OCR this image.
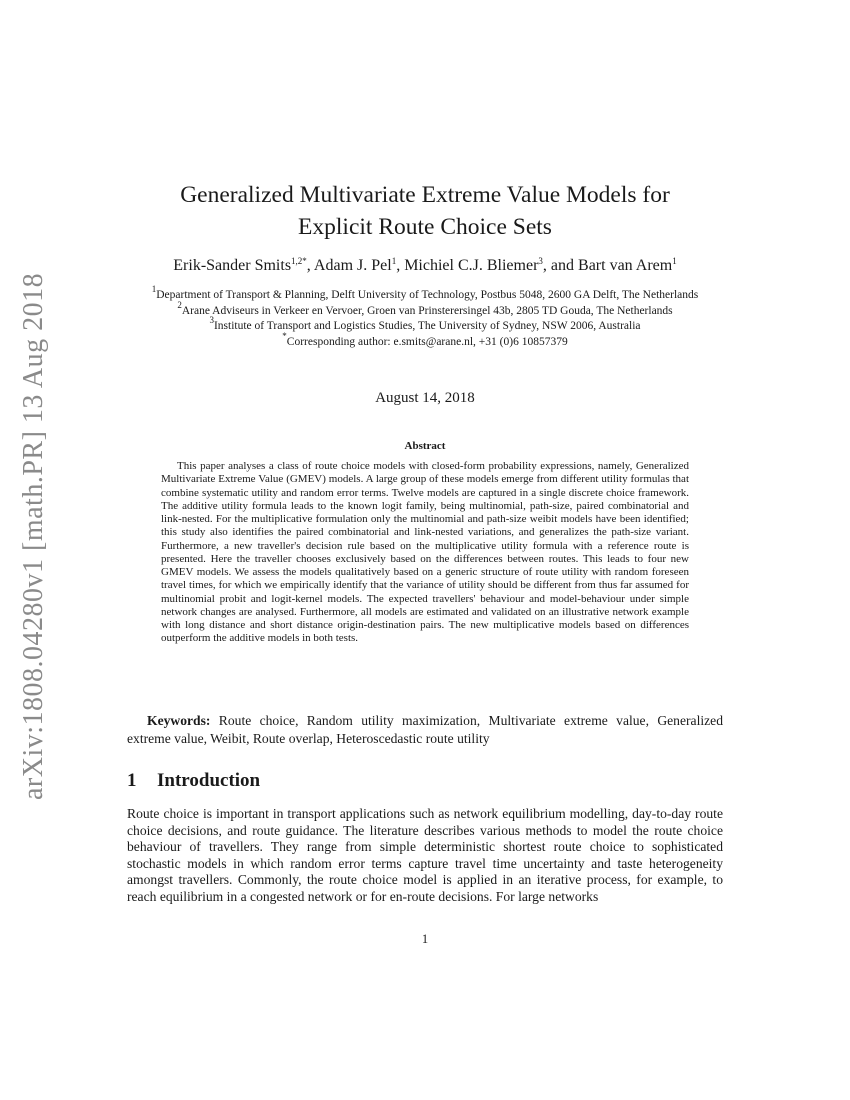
arXiv:1808.04280v1 [math.PR] 13 Aug 2018
Generalized Multivariate Extreme Value Models for
Explicit Route Choice Sets
Erik-Sander Smits$^{1,2*}$, Adam J. Pel$^1$, Michiel C.J. Bliemer$^3$, and Bart van Arem$^1$
$^1$Department of Transport & Planning, Delft University of Technology, Postbus 5048, 2600 GA Delft, The Netherlands
$^2$Arane Adviseurs in Verkeer en Vervoer, Groen van Prinsterersingel 43b, 2805 TD Gouda, The Netherlands
$^3$Institute of Transport and Logistics Studies, The University of Sydney, NSW 2006, Australia
*Corresponding author: e.smits@arane.nl, +31 (0)6 10857379
August 14, 2018
Abstract

This paper analyses a class of route choice models with closed-form probability expressions, namely, Generalized Multivariate Extreme Value (GMEV) models. A large group of these models emerge from different utility formulas that combine systematic utility and random error terms. Twelve models are captured in a single discrete choice framework. The additive utility formula leads to the known logit family, being multinomial, path-size, paired combinatorial and link-nested. For the multiplicative formulation only the multinomial and path-size weibit models have been identified; this study also identifies the paired combinatorial and link-nested variations, and generalizes the path-size variant. Furthermore, a new traveller's decision rule based on the multiplicative utility formula with a reference route is presented. Here the traveller chooses exclusively based on the differences between routes. This leads to four new GMEV models. We assess the models qualitatively based on a generic structure of route utility with random foreseen travel times, for which we empirically identify that the variance of utility should be different from thus far assumed for multinomial probit and logit-kernel models. The expected travellers' behaviour and model-behaviour under simple network changes are analysed. Furthermore, all models are estimated and validated on an illustrative network example with long distance and short distance origin-destination pairs. The new multiplicative models based on differences outperform the additive models in both tests.

Keywords: Route choice, Random utility maximization, Multivariate extreme value, Generalized extreme value, Weibit, Route overlap, Heteroscedastic route utility

1 Introduction

Route choice is important in transport applications such as network equilibrium modelling, day-to-day route choice decisions, and route guidance. The literature describes various methods to model the route choice behaviour of travellers. They range from simple deterministic shortest route choice to sophisticated stochastic models in which random error terms capture travel time uncertainty and taste heterogeneity amongst travellers. Commonly, the route choice model is applied in an iterative process, for example, to reach equilibrium in a congested network or for en-route decisions. For large networks

1
